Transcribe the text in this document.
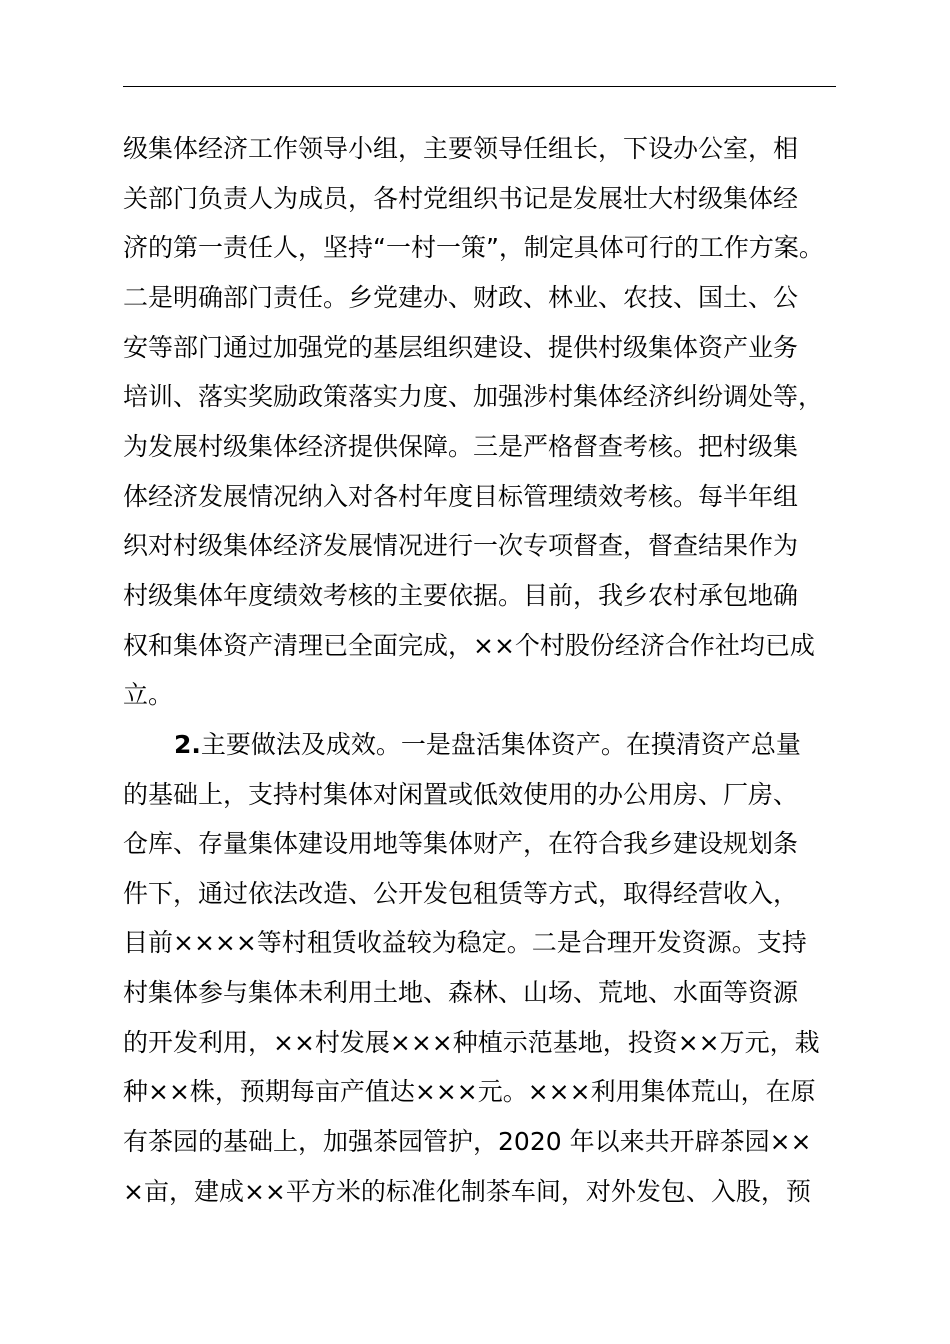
级集体经济工作领导小组，主要领导任组长，下设办公室，相
关部门负责人为成员，各村党组织书记是发展壮大村级集体经
济的第一责任人，坚持“一村一策”，制定具体可行的工作方案。
二是明确部门责任。乡党建办、财政、林业、农技、国土、公
安等部门通过加强党的基层组织建设、提供村级集体资产业务
培训、落实奖励政策落实力度、加强涉村集体经济纠纷调处等，
为发展村级集体经济提供保障。三是严格督查考核。把村级集
体经济发展情况纳入对各村年度目标管理绩效考核。每半年组
织对村级集体经济发展情况进行一次专项督查，督查结果作为
村级集体年度绩效考核的主要依据。目前，我乡农村承包地确
权和集体资产清理已全面完成，××个村股份经济合作社均已成
立。
2.主要做法及成效。一是盘活集体资产。在摸清资产总量
的基础上，支持村集体对闲置或低效使用的办公用房、厂房、
仓库、存量集体建设用地等集体财产，在符合我乡建设规划条
件下，通过依法改造、公开发包租赁等方式，取得经营收入，
目前××××等村租赁收益较为稳定。二是合理开发资源。支持
村集体参与集体未利用土地、森林、山场、荒地、水面等资源
的开发利用，××村发展×××种植示范基地，投资××万元，栽
种××株，预期每亩产值达×××元。×××利用集体荒山，在原
有茶园的基础上，加强茶园管护，2020 年以来共开辟茶园××
×亩，建成××平方米的标准化制茶车间，对外发包、入股，预
